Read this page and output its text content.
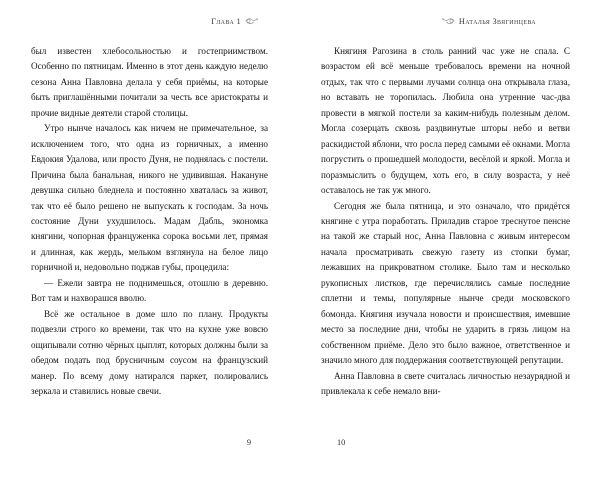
Глава 1

был известен хлебосольностью и гостеприимством. Особенно по пятницам. Именно в этот день каждую неделю сезона Анна Павловна делала у себя приёмы, на которые быть приглашёнными почитали за честь все аристократы и прочие видные деятели старой столицы.

Утро нынче началось как ничем не примечательное, за исключением того, что одна из горничных, а именно Евдокия Удалова, или просто Дуня, не поднялась с постели. Причина была банальная, никого не удивившая. Накануне девушка сильно бледнела и постоянно хваталась за живот, так что её было решено не выпускать к господам. За ночь состояние Дуни ухудшилось. Мадам Дабль, экономка княгини, чопорная француженка сорока восьми лет, прямая и длинная, как жердь, мельком взглянула на белое лицо горничной и, недовольно поджав губы, процедила:

— Ежели завтра не поднимешься, отошлю в деревню. Вот там и нахворашся вволю.

Всё же остальное в доме шло по плану. Продукты подвезли строго ко времени, так что на кухне уже вовсю ощипывали сотню чёрных цыплят, которых должны были за обедом подать под брусничным соусом на французский манер. По всему дому натирался паркет, полировались зеркала и ставились новые свечи.

9
Наталья Звягинцева

Княгиня Рагозина в столь ранний час уже не спала. С возрастом ей всё меньше требовалось времени на ночной отдых, так что с первыми лучами солнца она открывала глаза, но вставать не торопилась. Любила она утренние час-два провести в мягкой постели за каким-нибудь полезным делом. Могла созерцать сквозь раздвинутые шторы небо и ветви раскидистой яблони, что росла перед самыми её окнами. Могла погрустить о прошедшей молодости, весёлой и яркой. Могла и поразмыслить о будущем, хоть его, в силу возраста, у неё оставалось не так уж много.

Сегодня же была пятница, и это означало, что придётся княгине с утра поработать. Приладив старое треснутое пенсне на такой же старый нос, Анна Павловна с живым интересом начала просматривать свежую газету из стопки бумаг, лежавших на прикроватном столике. Было там и несколько рукописных листков, где перечислялись самые последние сплетни и темы, популярные нынче среди московского бомонда. Княгиня изучала новости и происшествия, имевшие место за последние дни, чтобы не ударить в грязь лицом на собственном приёме. Дело это было важное, ответственное и значило много для поддержания соответствующей репутации.

Анна Павловна в свете считалась личностью незаурядной и привлекала к себе немало вни-

10
